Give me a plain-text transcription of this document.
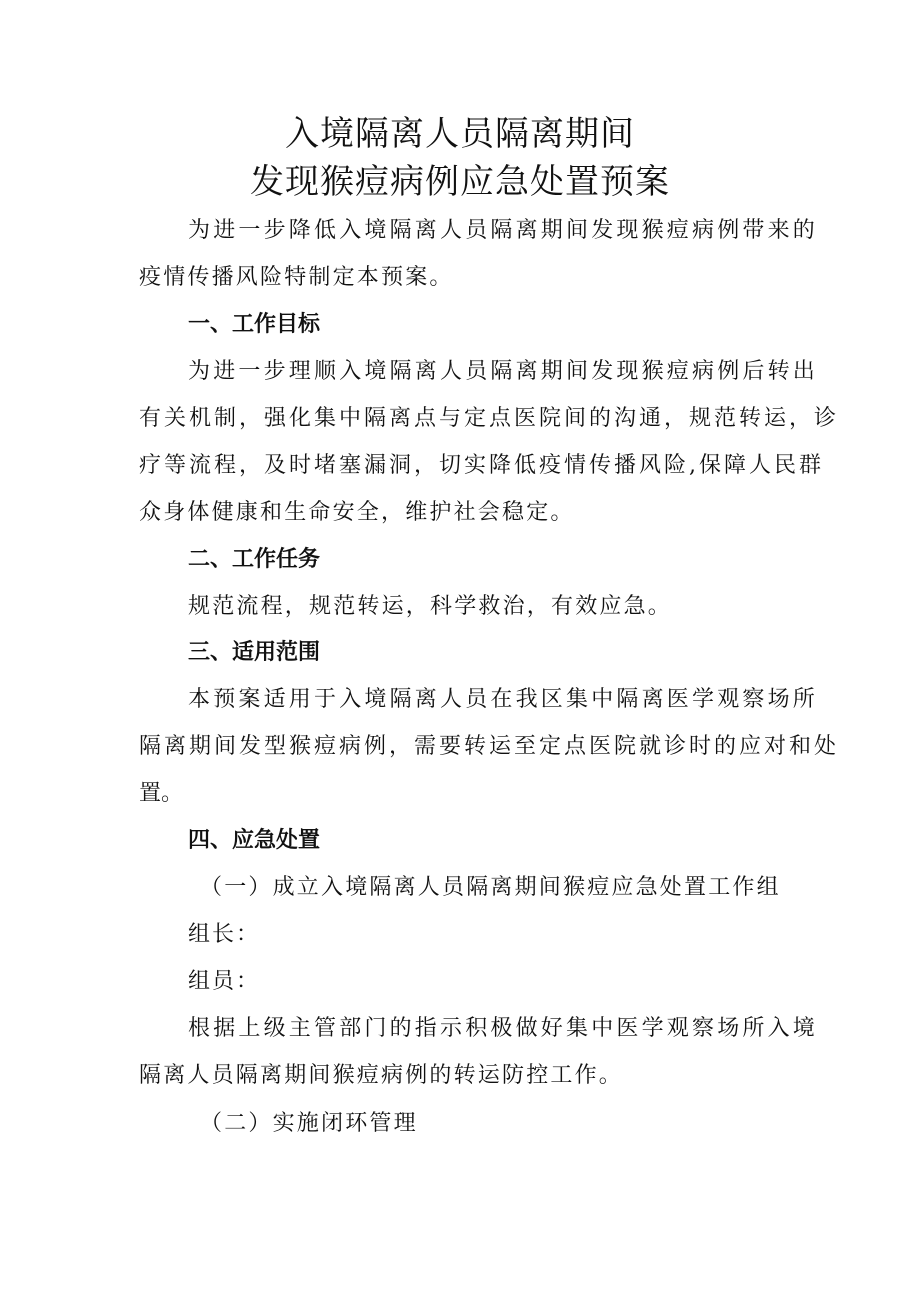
入境隔离人员隔离期间
发现猴痘病例应急处置预案

为进一步降低入境隔离人员隔离期间发现猴痘病例带来的

疫情传播风险特制定本预案。

一、工作目标

为进一步理顺入境隔离人员隔离期间发现猴痘病例后转出

有关机制，强化集中隔离点与定点医院间的沟通，规范转运，诊

疗等流程，及时堵塞漏洞，切实降低疫情传播风险,保障人民群

众身体健康和生命安全，维护社会稳定。

二、工作任务

规范流程，规范转运，科学救治，有效应急。

三、适用范围

本预案适用于入境隔离人员在我区集中隔离医学观察场所

隔离期间发型猴痘病例，需要转运至定点医院就诊时的应对和处

置。

四、应急处置

（一）成立入境隔离人员隔离期间猴痘应急处置工作组

组长：

组员：

根据上级主管部门的指示积极做好集中医学观察场所入境

隔离人员隔离期间猴痘病例的转运防控工作。

（二）实施闭环管理
